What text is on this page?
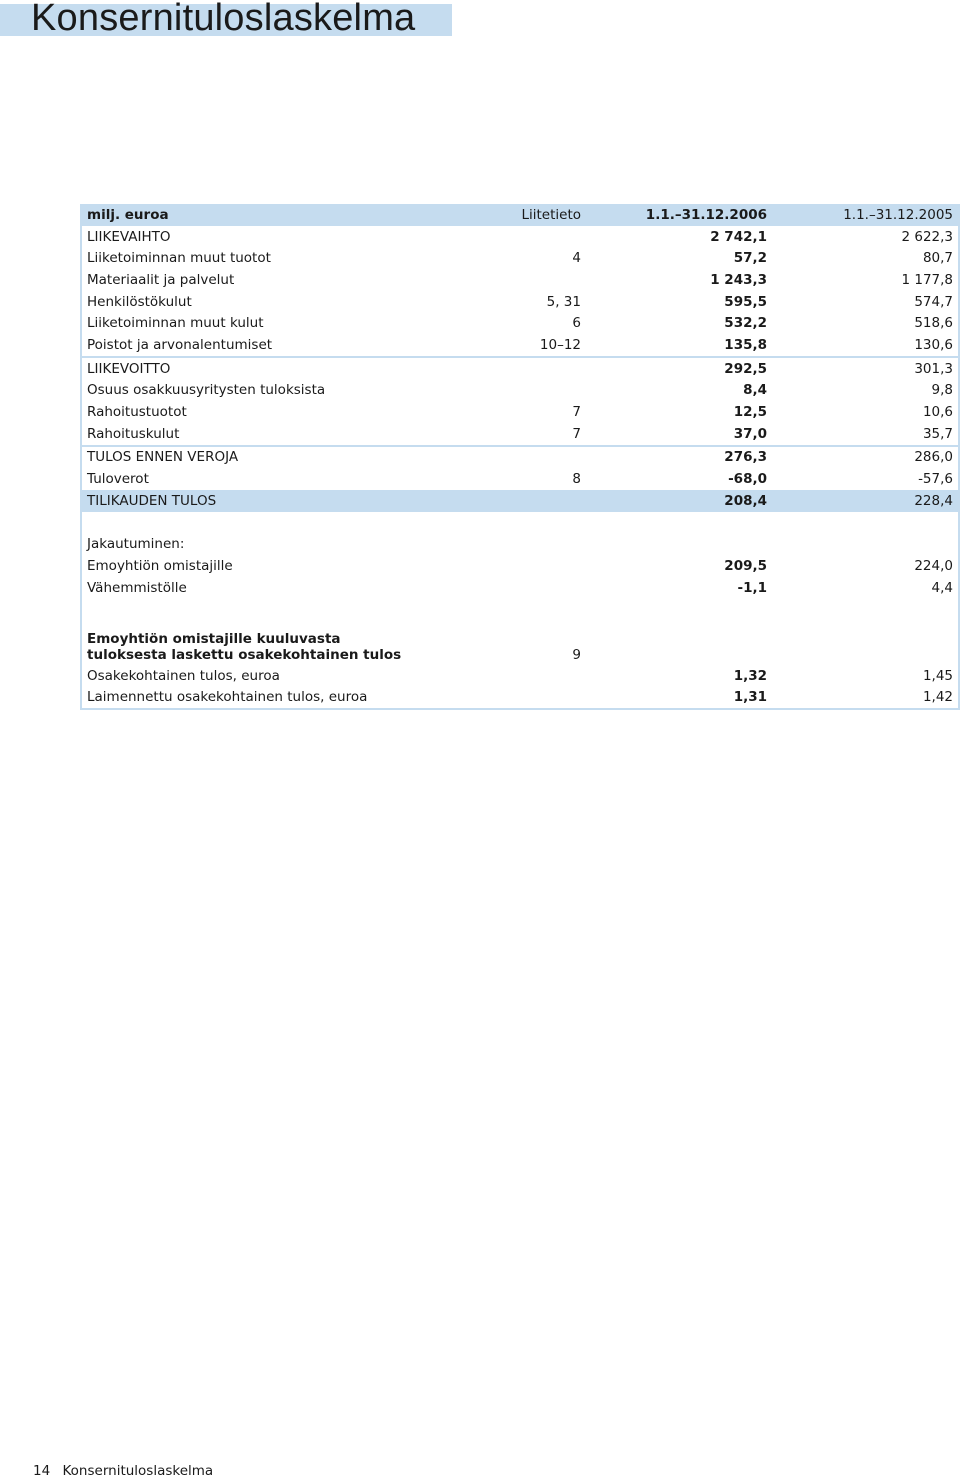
Konsernituloslaskelma
milj. euroa	Liitetieto	1.1.–31.12.2006	1.1.–31.12.2005
LIIKEVAIHTO		2 742,1	2 622,3
Liiketoiminnan muut tuotot	4	57,2	80,7
Materiaalit ja palvelut		1 243,3	1 177,8
Henkilöstökulut	5, 31	595,5	574,7
Liiketoiminnan muut kulut	6	532,2	518,6
Poistot ja arvonalentumiset	10–12	135,8	130,6
LIIKEVOITTO		292,5	301,3
Osuus osakkuusyritysten tuloksista		8,4	9,8
Rahoitustuotot	7	12,5	10,6
Rahoituskulut	7	37,0	35,7
TULOS ENNEN VEROJA		276,3	286,0
Tuloverot	8	-68,0	-57,6
TILIKAUDEN TULOS		208,4	228,4

Jakautuminen:			
Emoyhtiön omistajille		209,5	224,0
Vähemmistölle		-1,1	4,4

Emoyhtiön omistajille kuuluvasta tuloksesta laskettu osakekohtainen tulos	9		
Osakekohtainen tulos, euroa		1,32	1,45
Laimennettu osakekohtainen tulos, euroa		1,31	1,42
14 Konsernituloslaskelma
